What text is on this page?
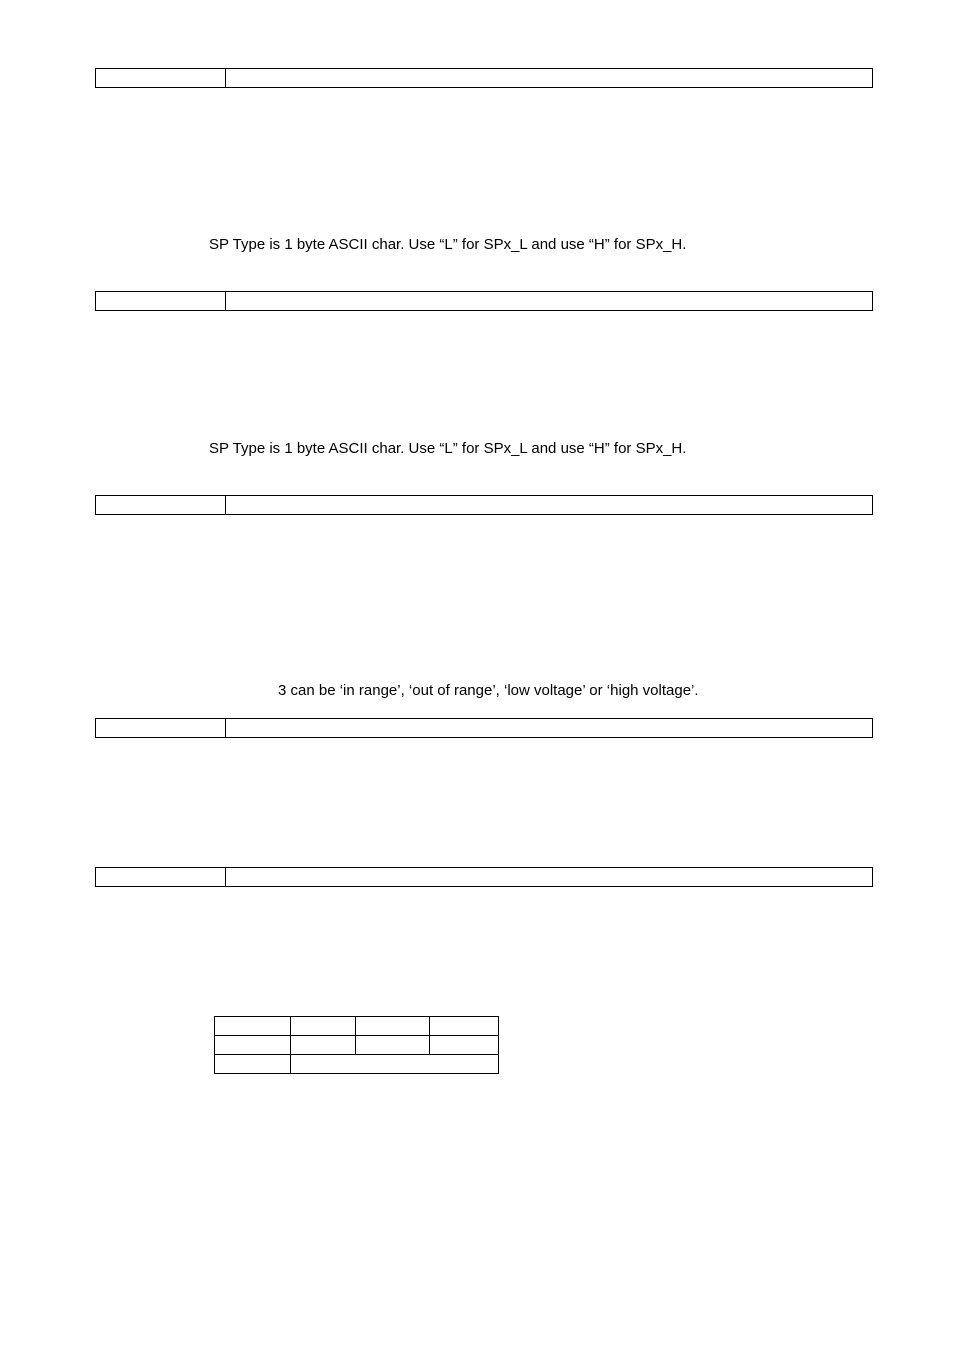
SP Type is 1 byte ASCII char. Use “L” for SPx_L and use “H” for SPx_H.
SP Type is 1 byte ASCII char. Use “L” for SPx_L and use “H” for SPx_H.
3 can be ‘in range’, ‘out of range’, ‘low voltage’ or ‘high voltage’.
